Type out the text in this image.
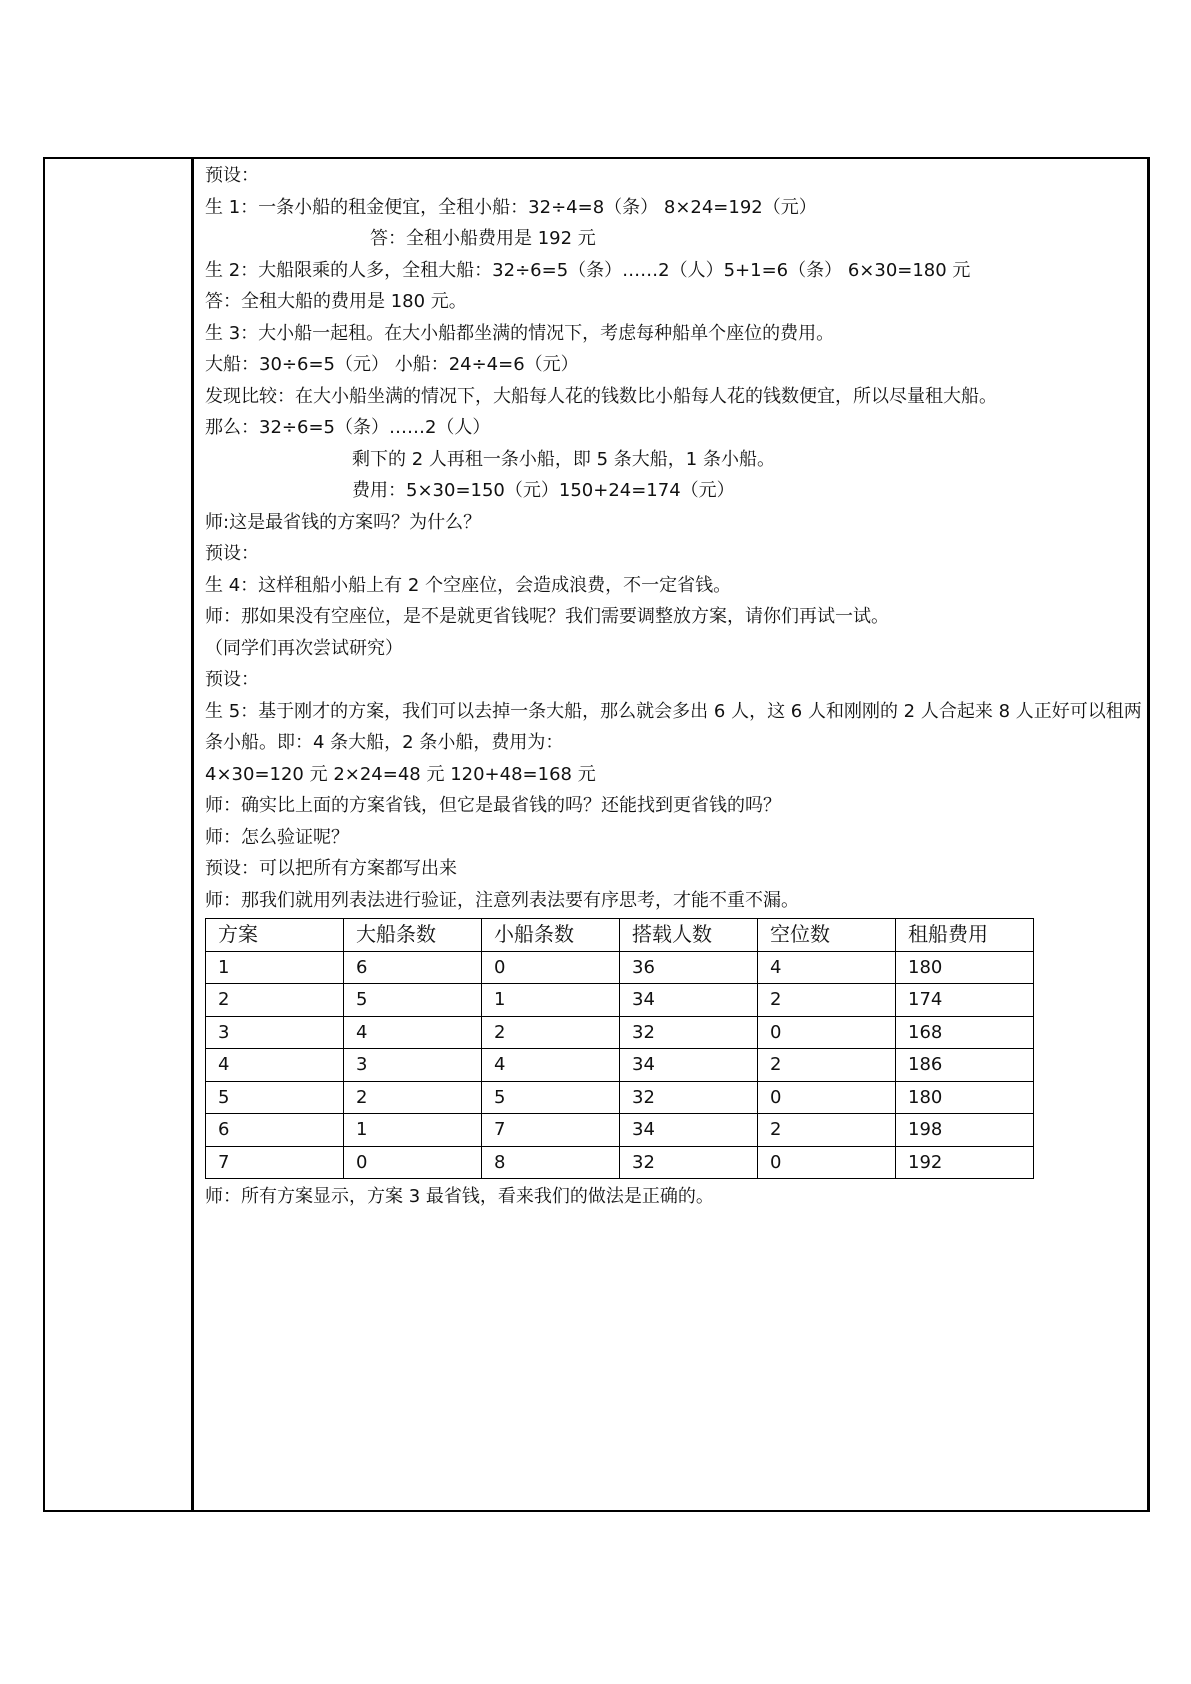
预设：
生 1：一条小船的租金便宜，全租小船：32÷4=8（条） 8×24=192（元）
答：全租小船费用是 192 元
生 2：大船限乘的人多，全租大船：32÷6=5（条）……2（人）5+1=6（条） 6×30=180 元
答：全租大船的费用是 180 元。
生 3：大小船一起租。在大小船都坐满的情况下，考虑每种船单个座位的费用。
大船：30÷6=5（元） 小船：24÷4=6（元）
发现比较：在大小船坐满的情况下，大船每人花的钱数比小船每人花的钱数便宜，所以尽量租大船。
那么：32÷6=5（条）……2（人）
剩下的 2 人再租一条小船，即 5 条大船，1 条小船。
费用：5×30=150（元）150+24=174（元）
师:这是最省钱的方案吗？为什么？
预设：
生 4：这样租船小船上有 2 个空座位，会造成浪费，不一定省钱。
师：那如果没有空座位，是不是就更省钱呢？我们需要调整放方案，请你们再试一试。
（同学们再次尝试研究）
预设：
生 5：基于刚才的方案，我们可以去掉一条大船，那么就会多出 6 人，这 6 人和刚刚的 2 人合起来 8 人正好可以租两条小船。即：4 条大船，2 条小船，费用为：
4×30=120 元 2×24=48 元 120+48=168 元
师：确实比上面的方案省钱，但它是最省钱的吗？还能找到更省钱的吗？
师：怎么验证呢？
预设：可以把所有方案都写出来
师：那我们就用列表法进行验证，注意列表法要有序思考，才能不重不漏。
方案	大船条数	小船条数	搭载人数	空位数	租船费用
1	6	0	36	4	180
2	5	1	34	2	174
3	4	2	32	0	168
4	3	4	34	2	186
5	2	5	32	0	180
6	1	7	34	2	198
7	0	8	32	0	192
师：所有方案显示，方案 3 最省钱，看来我们的做法是正确的。
